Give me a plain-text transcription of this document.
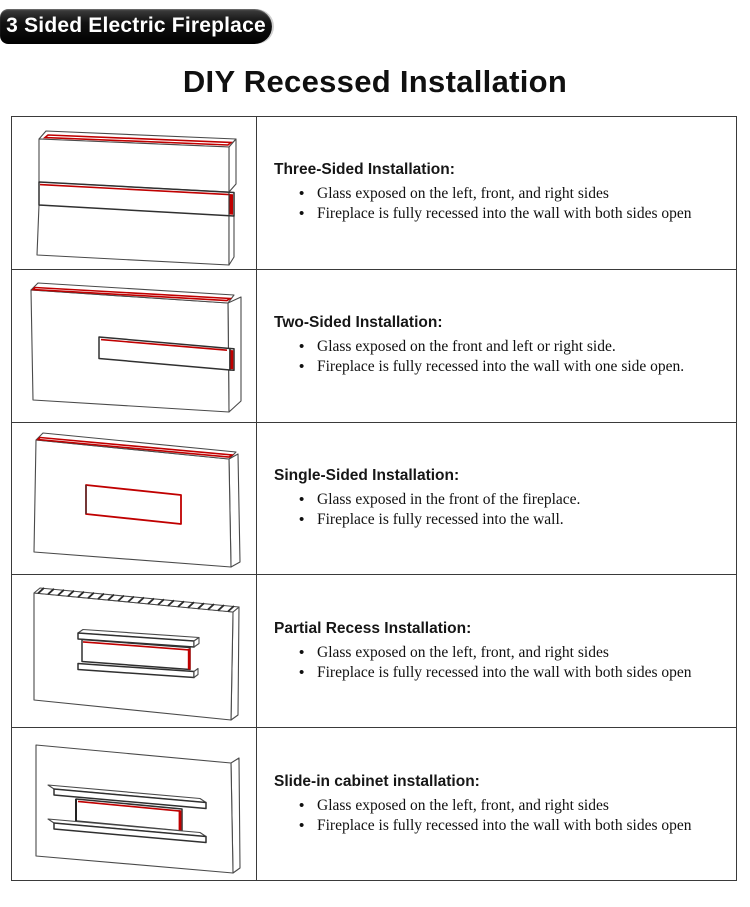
3 Sided Electric Fireplace
DIY Recessed Installation
Three-Sided Installation:
• Glass exposed on the left, front, and right sides
• Fireplace is fully recessed into the wall with both sides open
Two-Sided Installation:
• Glass exposed on the front and left or right side.
• Fireplace is fully recessed into the wall with one side open.
Single-Sided Installation:
• Glass exposed in the front of the fireplace.
• Fireplace is fully recessed into the wall.
Partial Recess Installation:
• Glass exposed on the left, front, and right sides
• Fireplace is fully recessed into the wall with both sides open
Slide-in cabinet installation:
• Glass exposed on the left, front, and right sides
• Fireplace is fully recessed into the wall with both sides open
